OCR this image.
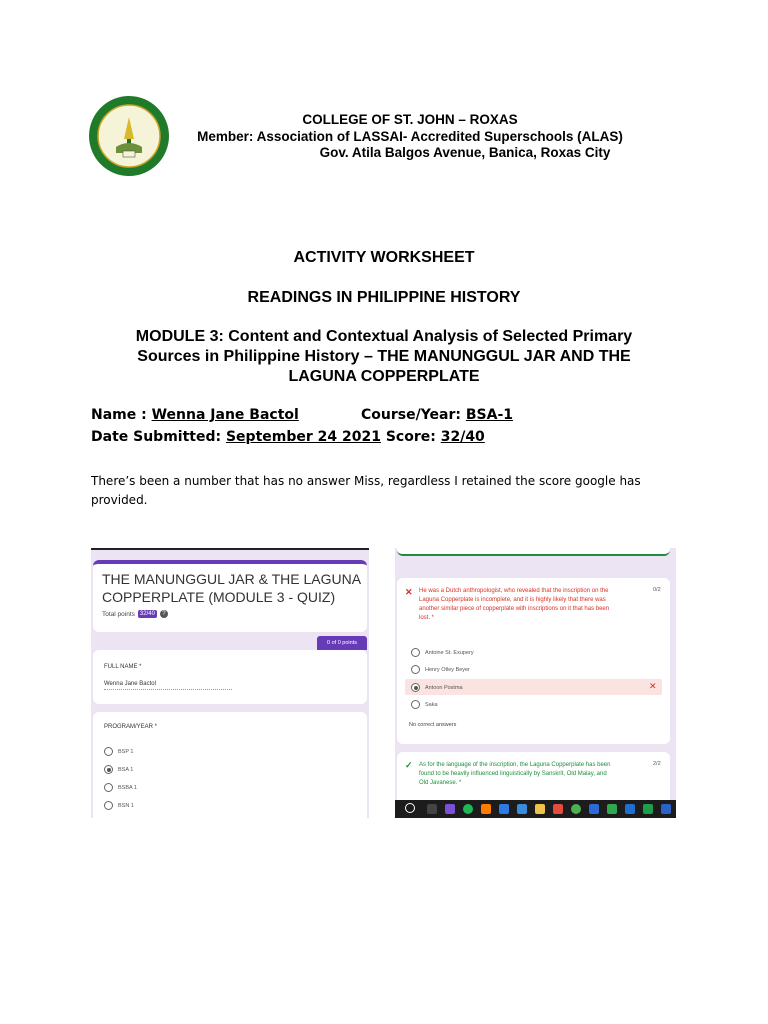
COLLEGE OF ST. JOHN – ROXAS
Member: Association of LASSAI- Accredited Superschools (ALAS)
Gov. Atila Balgos Avenue, Banica, Roxas City
ACTIVITY WORKSHEET
READINGS IN PHILIPPINE HISTORY
MODULE 3: Content and Contextual Analysis of Selected Primary
Sources in Philippine History – THE MANUNGGUL JAR AND THE
LAGUNA COPPERPLATE
Name : Wenna Jane Bactol	Course/Year: BSA-1
Date Submitted: September 24 2021 Score: 32/40
There’s been a number that has no answer Miss, regardless I retained the score google has
provided.
THE MANUNGGUL JAR & THE LAGUNA
COPPERPLATE (MODULE 3 - QUIZ)
Total points 32/40	?
0 of 0 points
FULL NAME *
Wenna Jane Bactol
PROGRAM/YEAR *
BSP 1
BSA 1
BSBA 1
BSN 1
✕ He was a Dutch anthropologist, who revealed that the inscription on the
Laguna Copperplate is incomplete, and it is highly likely that there was
another similar piece of copperplate with inscriptions on it that has been
lost. *
0/2
Antoine St. Exupery
Henry Otley Beyer
Antoon Postma	✕
Saka
No correct answers
✓ As for the language of the inscription, the Laguna Copperplate has been
found to be heavily influenced linguistically by Sanskrit, Old Malay, and
Old Javanese. *
2/2
